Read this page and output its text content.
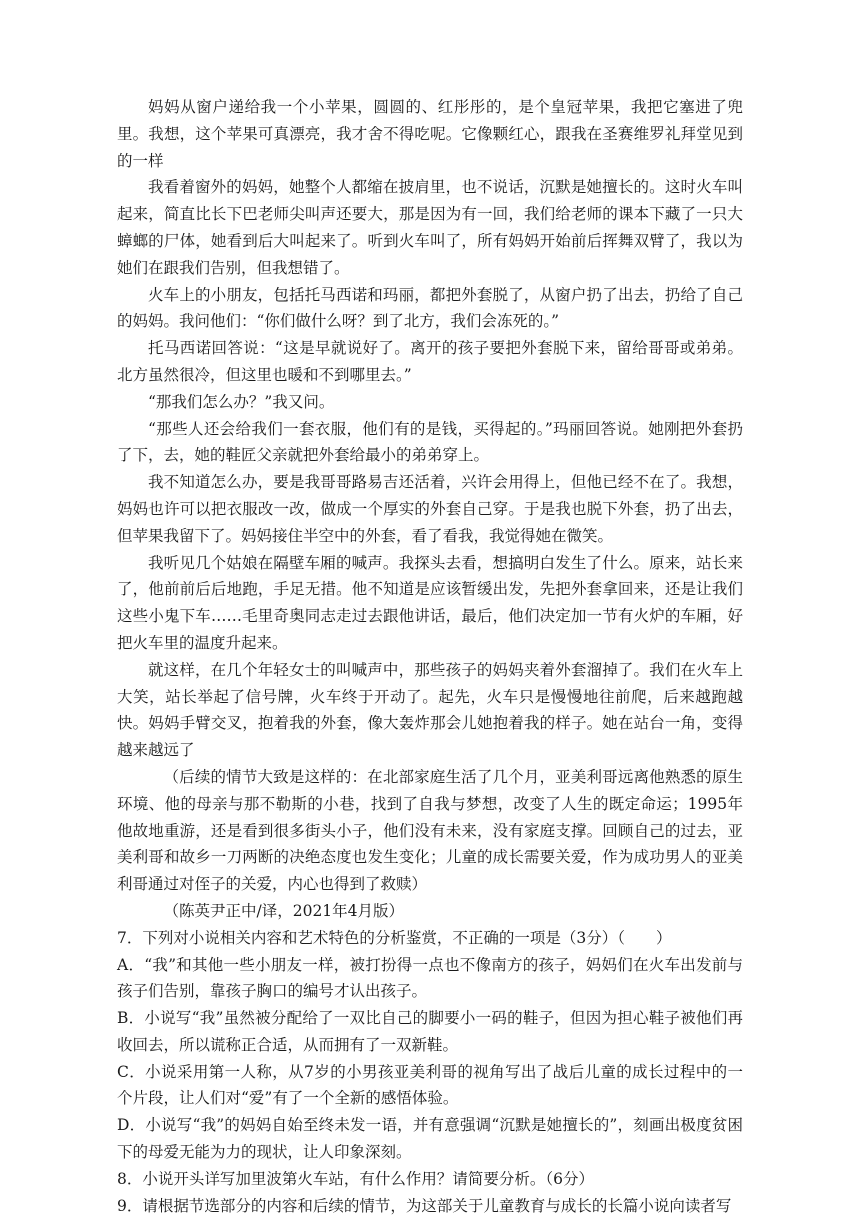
妈妈从窗户递给我一个小苹果，圆圆的、红彤彤的，是个皇冠苹果，我把它塞进了兜里。我想，这个苹果可真漂亮，我才舍不得吃呢。它像颗红心，跟我在圣赛维罗礼拜堂见到的一样

我看着窗外的妈妈，她整个人都缩在披肩里，也不说话，沉默是她擅长的。这时火车叫起来，简直比长下巴老师尖叫声还要大，那是因为有一回，我们给老师的课本下藏了一只大蟑螂的尸体，她看到后大叫起来了。听到火车叫了，所有妈妈开始前后挥舞双臂了，我以为她们在跟我们告别，但我想错了。

火车上的小朋友，包括托马西诺和玛丽，都把外套脱了，从窗户扔了出去，扔给了自己的妈妈。我问他们：“你们做什么呀？到了北方，我们会冻死的。”

托马西诺回答说：“这是早就说好了。离开的孩子要把外套脱下来，留给哥哥或弟弟。北方虽然很冷，但这里也暖和不到哪里去。”

“那我们怎么办？”我又问。

“那些人还会给我们一套衣服，他们有的是钱，买得起的。”玛丽回答说。她刚把外套扔了下，去，她的鞋匠父亲就把外套给最小的弟弟穿上。

我不知道怎么办，要是我哥哥路易吉还活着，兴许会用得上，但他已经不在了。我想，妈妈也许可以把衣服改一改，做成一个厚实的外套自己穿。于是我也脱下外套，扔了出去，但苹果我留下了。妈妈接住半空中的外套，看了看我，我觉得她在微笑。

我听见几个姑娘在隔壁车厢的喊声。我探头去看，想搞明白发生了什么。原来，站长来了，他前前后后地跑，手足无措。他不知道是应该暂缓出发，先把外套拿回来，还是让我们这些小鬼下车……毛里奇奥同志走过去跟他讲话，最后，他们决定加一节有火炉的车厢，好把火车里的温度升起来。

就这样，在几个年轻女士的叫喊声中，那些孩子的妈妈夹着外套溜掉了。我们在火车上大笑，站长举起了信号牌，火车终于开动了。起先，火车只是慢慢地往前爬，后来越跑越快。妈妈手臂交叉，抱着我的外套，像大轰炸那会儿她抱着我的样子。她在站台一角，变得越来越远了

（后续的情节大致是这样的：在北部家庭生活了几个月，亚美利哥远离他熟悉的原生环境、他的母亲与那不勒斯的小巷，找到了自我与梦想，改变了人生的既定命运；1995年他故地重游，还是看到很多街头小子，他们没有未来，没有家庭支撑。回顾自己的过去，亚美利哥和故乡一刀两断的决绝态度也发生变化；儿童的成长需要关爱，作为成功男人的亚美利哥通过对侄子的关爱，内心也得到了救赎）

（陈英尹正中/译，2021年4月版）

7．下列对小说相关内容和艺术特色的分析鉴赏，不正确的一项是（3分）（　　）

A．“我”和其他一些小朋友一样，被打扮得一点也不像南方的孩子，妈妈们在火车出发前与孩子们告别，靠孩子胸口的编号才认出孩子。

B．小说写“我”虽然被分配给了一双比自己的脚要小一码的鞋子，但因为担心鞋子被他们再收回去，所以谎称正合适，从而拥有了一双新鞋。

C．小说采用第一人称，从7岁的小男孩亚美利哥的视角写出了战后儿童的成长过程中的一个片段，让人们对“爱”有了一个全新的感悟体验。

D．小说写“我”的妈妈自始至终未发一语，并有意强调“沉默是她擅长的”，刻画出极度贫困下的母爱无能为力的现状，让人印象深刻。

8．小说开头详写加里波第火车站，有什么作用？请简要分析。（6分）

9．请根据节选部分的内容和后续的情节，为这部关于儿童教育与成长的长篇小说向读者写
